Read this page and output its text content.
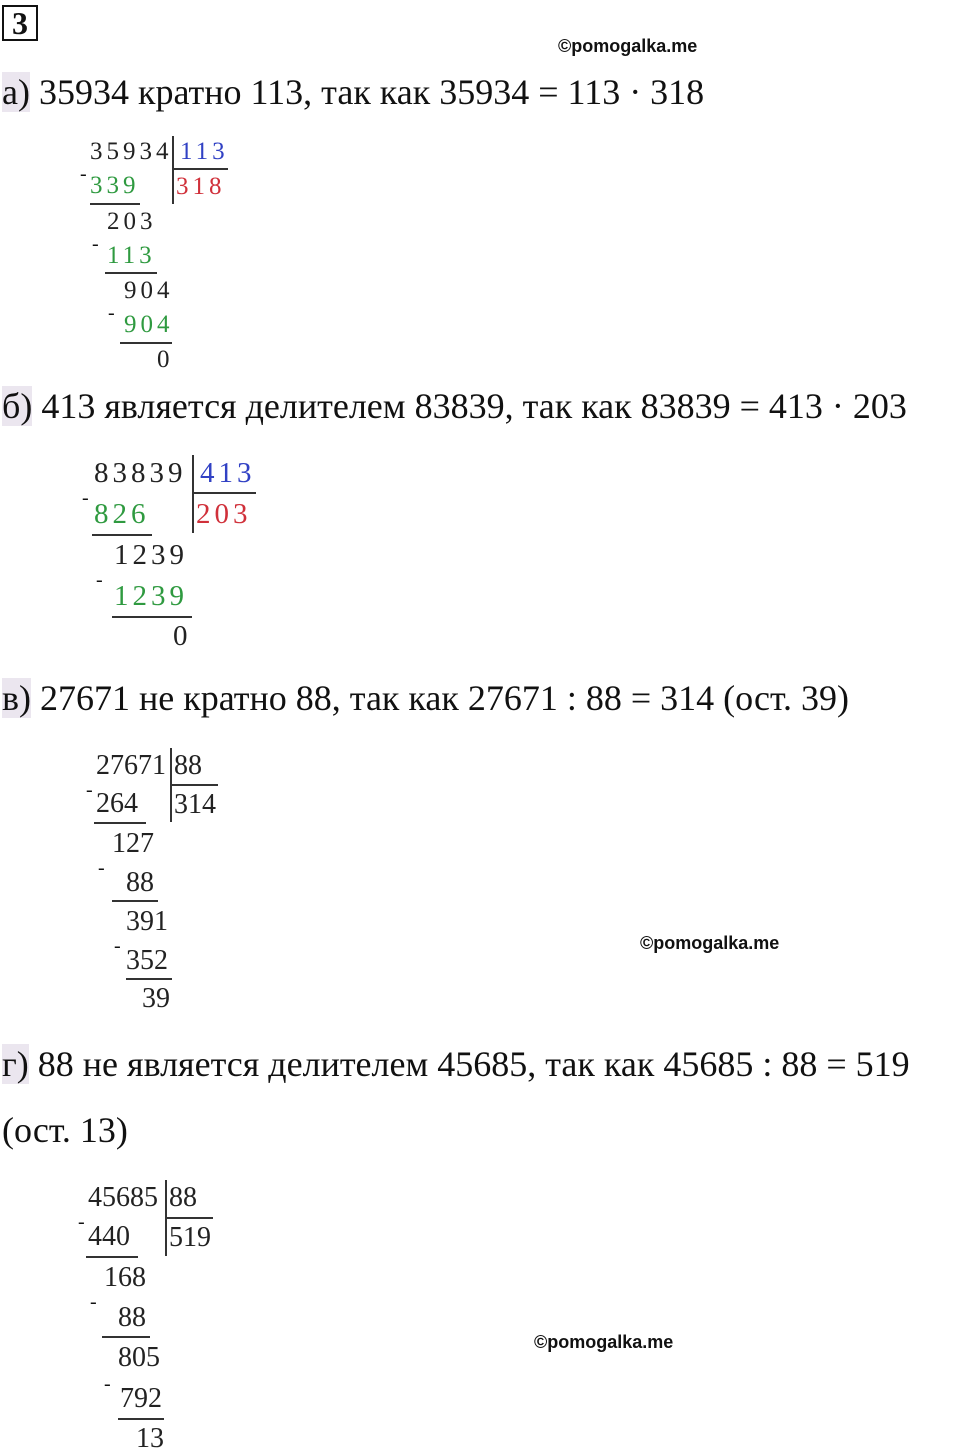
3
©pomogalka.me
а) 35934 кратно 113, так как 35934 = 113 · 318
35934 113
318
- 339
203
- 113
904
- 904
0
б) 413 является делителем 83839, так как 83839 = 413 · 203
83839 413
203
- 826
1239
- 1239
0
в) 27671 не кратно 88, так как 27671 : 88 = 314 (ост. 39)
27671 88
314
- 264
127
- 88
391
- 352
39
©pomogalka.me
г) 88 не является делителем 45685, так как 45685 : 88 = 519
(ост. 13)
45685 88
519
- 440
168
- 88
805
- 792
13
©pomogalka.me
